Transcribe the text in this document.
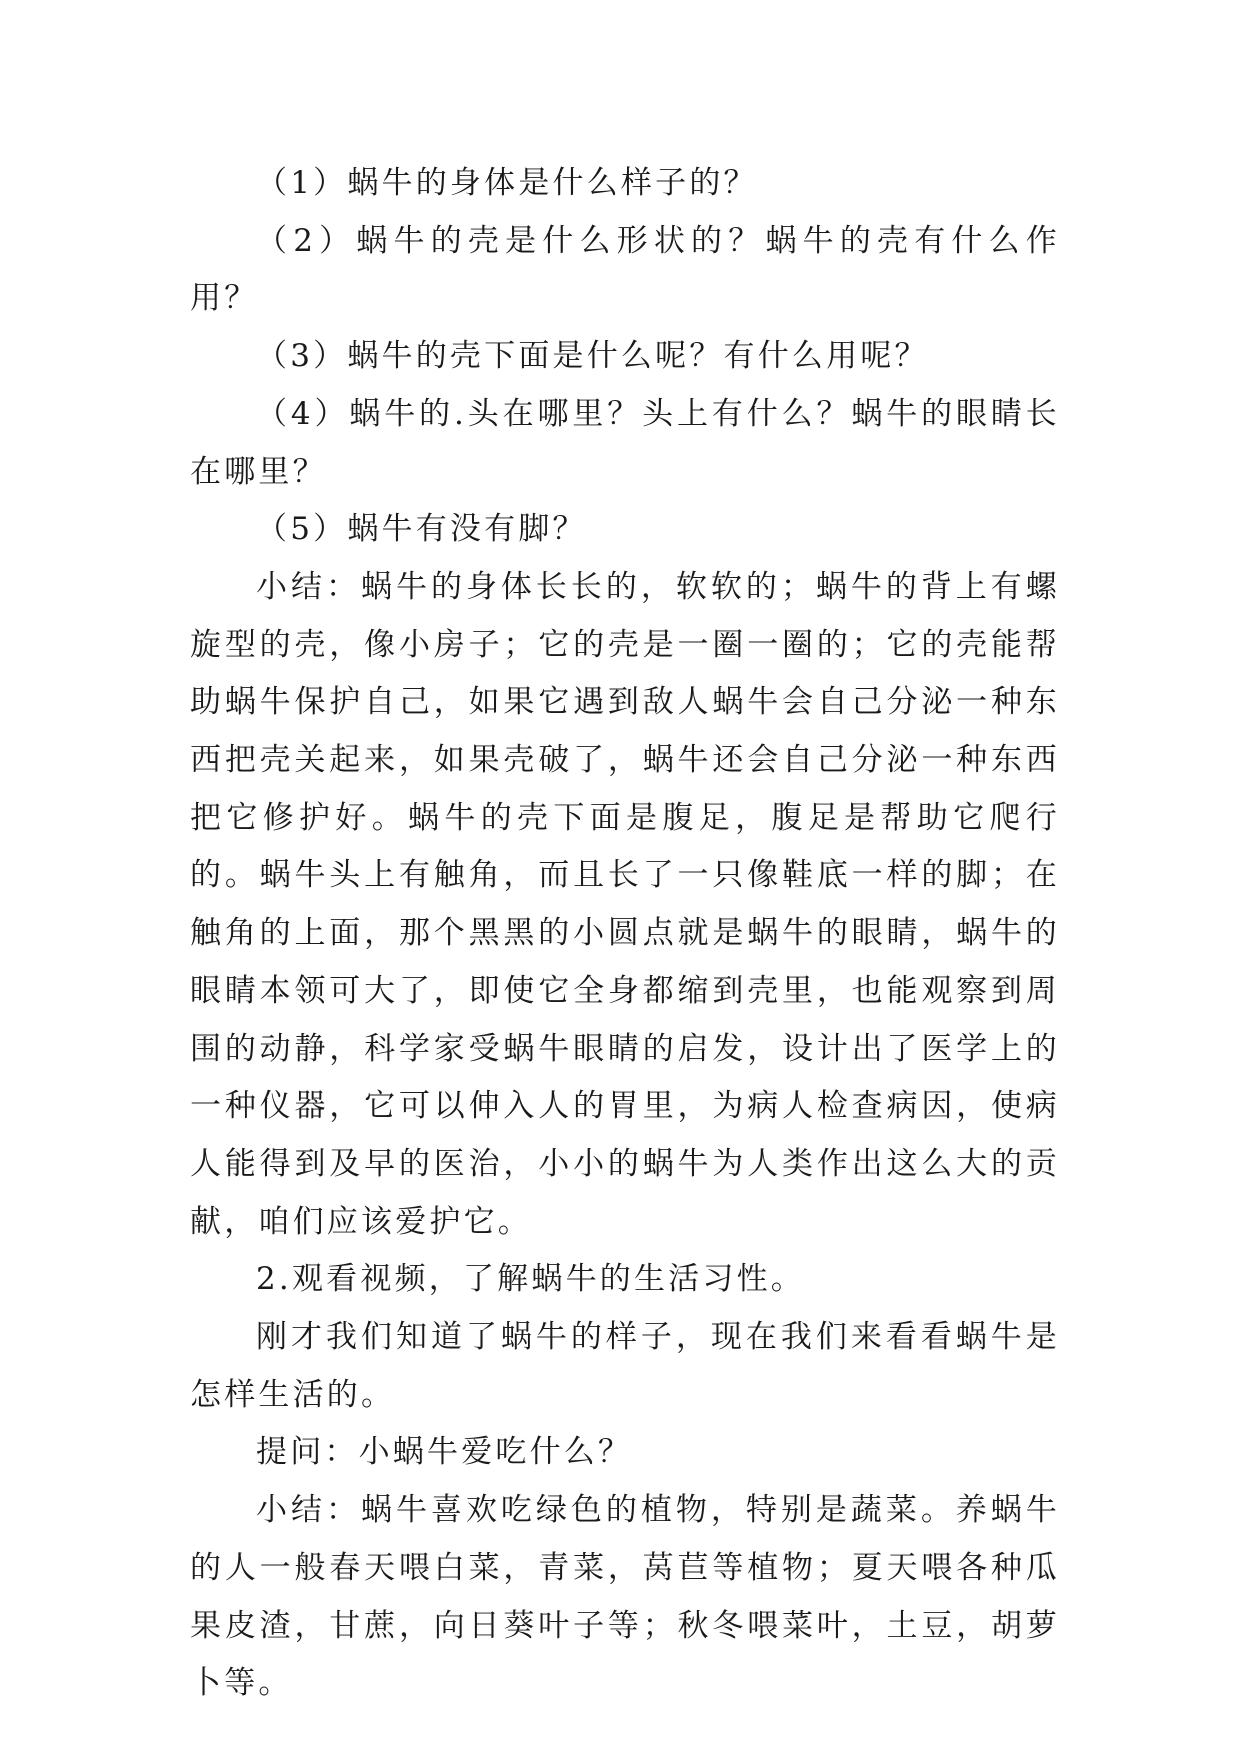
（1）蜗牛的身体是什么样子的？

（2）蜗牛的壳是什么形状的？蜗牛的壳有什么作用？

（3）蜗牛的壳下面是什么呢？有什么用呢？

（4）蜗牛的.头在哪里？头上有什么？蜗牛的眼睛长在哪里？

（5）蜗牛有没有脚？

小结：蜗牛的身体长长的，软软的；蜗牛的背上有螺旋型的壳，像小房子；它的壳是一圈一圈的；它的壳能帮助蜗牛保护自己，如果它遇到敌人蜗牛会自己分泌一种东西把壳关起来，如果壳破了，蜗牛还会自己分泌一种东西把它修护好。蜗牛的壳下面是腹足，腹足是帮助它爬行的。蜗牛头上有触角，而且长了一只像鞋底一样的脚；在触角的上面，那个黑黑的小圆点就是蜗牛的眼睛，蜗牛的眼睛本领可大了，即使它全身都缩到壳里，也能观察到周围的动静，科学家受蜗牛眼睛的启发，设计出了医学上的一种仪器，它可以伸入人的胃里，为病人检查病因，使病人能得到及早的医治，小小的蜗牛为人类作出这么大的贡献，咱们应该爱护它。

2.观看视频，了解蜗牛的生活习性。

刚才我们知道了蜗牛的样子，现在我们来看看蜗牛是怎样生活的。

提问：小蜗牛爱吃什么？

小结：蜗牛喜欢吃绿色的植物，特别是蔬菜。养蜗牛的人一般春天喂白菜，青菜，莴苣等植物；夏天喂各种瓜果皮渣，甘蔗，向日葵叶子等；秋冬喂菜叶，土豆，胡萝卜等。
